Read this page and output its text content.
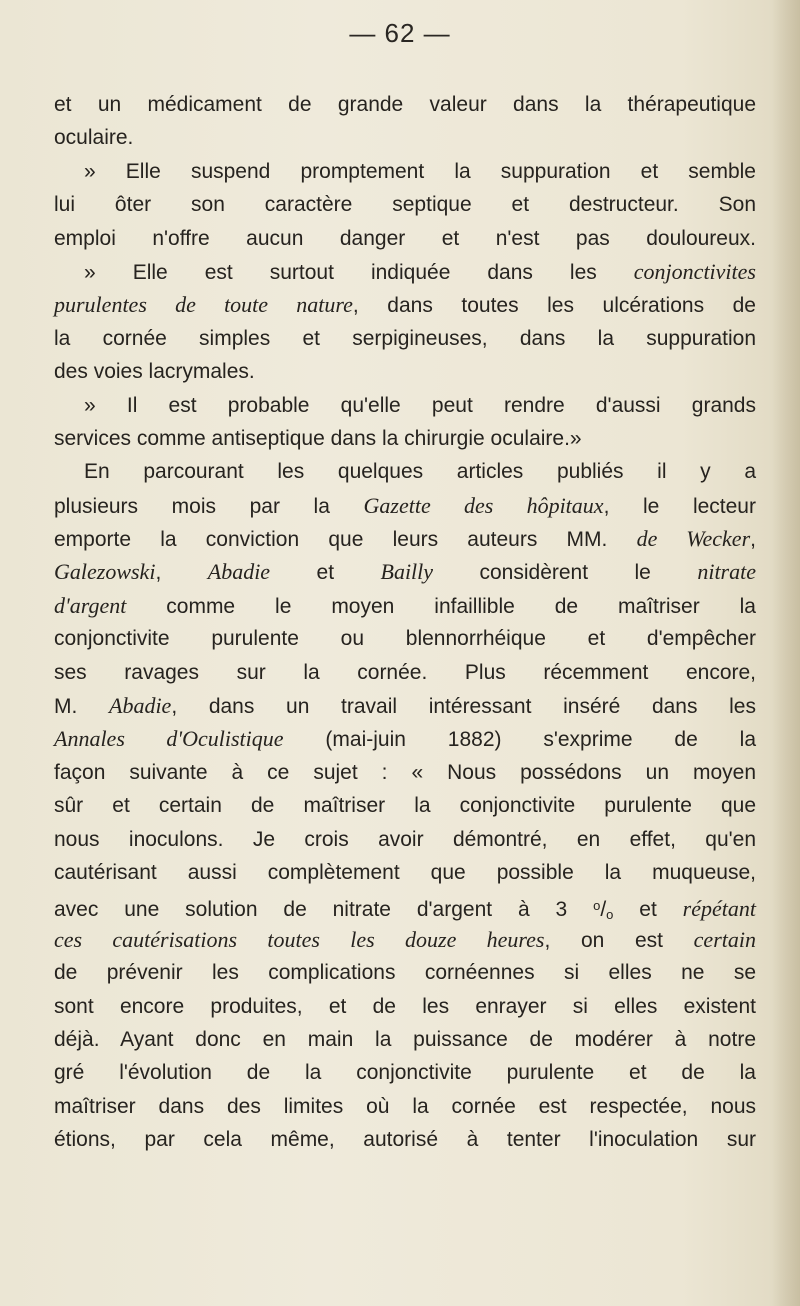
— 62 —
et un médicament de grande valeur dans la thérapeutique
oculaire.
» Elle suspend promptement la suppuration et semble
lui ôter son caractère septique et destructeur. Son
emploi n'offre aucun danger et n'est pas douloureux.
» Elle est surtout indiquée dans les conjonctivites
purulentes de toute nature, dans toutes les ulcérations de
la cornée simples et serpigineuses, dans la suppuration
des voies lacrymales.
» Il est probable qu'elle peut rendre d'aussi grands
services comme antiseptique dans la chirurgie oculaire.»
En parcourant les quelques articles publiés il y a
plusieurs mois par la Gazette des hôpitaux, le lecteur
emporte la conviction que leurs auteurs MM. de Wecker,
Galezowski, Abadie et Bailly considèrent le nitrate
d'argent comme le moyen infaillible de maîtriser la
conjonctivite purulente ou blennorrhéique et d'empêcher
ses ravages sur la cornée. Plus récemment encore,
M. Abadie, dans un travail intéressant inséré dans les
Annales d'Oculistique (mai-juin 1882) s'exprime de la
façon suivante à ce sujet : « Nous possédons un moyen
sûr et certain de maîtriser la conjonctivite purulente que
nous inoculons. Je crois avoir démontré, en effet, qu'en
cautérisant aussi complètement que possible la muqueuse,
avec une solution de nitrate d'argent à 3 $^o/_o$ et répétant
ces cautérisations toutes les douze heures, on est certain
de prévenir les complications cornéennes si elles ne se
sont encore produites, et de les enrayer si elles existent
déjà. Ayant donc en main la puissance de modérer à notre
gré l'évolution de la conjonctivite purulente et de la
maîtriser dans des limites où la cornée est respectée, nous
étions, par cela même, autorisé à tenter l'inoculation sur
